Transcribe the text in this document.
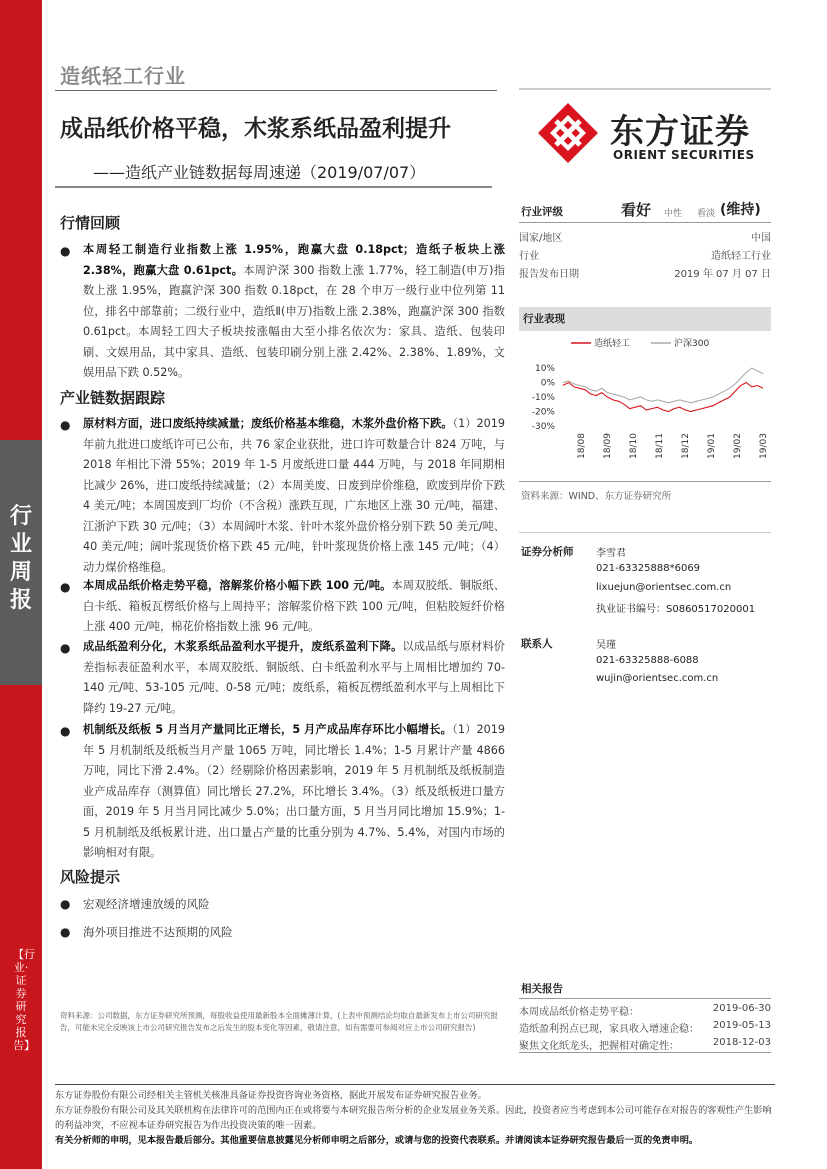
行业周报
【行业·证券研究报告】
造纸轻工行业
成品纸价格平稳，木浆系纸品盈利提升
——造纸产业链数据每周速递（2019/07/07）
东方证券
ORIENT SECURITIES
行业评级	看好 中性 看淡 (维持)
国家/地区	中国
行业	造纸轻工行业
报告发布日期	2019 年 07 月 07 日
行业表现
造纸轻工	沪深300
10%
0%
-10%
-20%
-30%
18/08 18/09 18/10 18/11 18/12 19/01 19/02 19/03
资料来源：WIND、东方证券研究所
证券分析师 李雪君
021-63325888*6069
lixuejun@orientsec.com.cn
执业证书编号：S0860517020001
联系人	吴瑾
021-63325888-6088
wujin@orientsec.com.cn
相关报告
本周成品纸价格走势平稳：	2019-06-30
造纸盈利拐点已现，家具收入增速企稳： 2019-05-13
聚焦文化纸龙头，把握相对确定性：	2018-12-03
行情回顾
● 本周轻工制造行业指数上涨 1.95%，跑赢大盘 0.18pct；造纸子板块上涨 2.38%，跑赢大盘 0.61pct。本周沪深 300 指数上涨 1.77%，轻工制造(申万)指数上涨 1.95%，跑赢沪深 300 指数 0.18pct，在 28 个申万一级行业中位列第 11 位，排名中部靠前；二级行业中，造纸Ⅱ(申万)指数上涨 2.38%，跑赢沪深 300 指数 0.61pct。本周轻工四大子板块按涨幅由大至小排名依次为：家具、造纸、包装印刷、文娱用品，其中家具、造纸、包装印刷分别上涨 2.42%、2.38%、1.89%，文娱用品下跌 0.52%。
产业链数据跟踪
● 原材料方面，进口废纸持续减量；废纸价格基本维稳，木浆外盘价格下跌。（1）2019 年前九批进口废纸许可已公布，共 76 家企业获批，进口许可数量合计 824 万吨，与 2018 年相比下滑 55%；2019 年 1-5 月废纸进口量 444 万吨，与 2018 年同期相比减少 26%，进口废纸持续减量；（2）本周美废、日废到岸价维稳，欧废到岸价下跌 4 美元/吨；本周国废到厂均价（不含税）涨跌互现，广东地区上涨 30 元/吨，福建、江浙沪下跌 30 元/吨；（3）本周阔叶木浆、针叶木浆外盘价格分别下跌 50 美元/吨、40 美元/吨；阔叶浆现货价格下跌 45 元/吨，针叶浆现货价格上涨 145 元/吨；（4）动力煤价格维稳。
● 本周成品纸价格走势平稳，溶解浆价格小幅下跌 100 元/吨。本周双胶纸、铜版纸、白卡纸、箱板瓦楞纸价格与上周持平；溶解浆价格下跌 100 元/吨，但粘胶短纤价格上涨 400 元/吨，棉花价格指数上涨 96 元/吨。
● 成品纸盈利分化，木浆系纸品盈利水平提升，废纸系盈利下降。以成品纸与原材料价差指标表征盈利水平，本周双胶纸、铜版纸、白卡纸盈利水平与上周相比增加约 70-140 元/吨、53-105 元/吨、0-58 元/吨；废纸系，箱板瓦楞纸盈利水平与上周相比下降约 19-27 元/吨。
● 机制纸及纸板 5 月当月产量同比正增长，5 月产成品库存环比小幅增长。（1）2019 年 5 月机制纸及纸板当月产量 1065 万吨，同比增长 1.4%；1-5 月累计产量 4866 万吨，同比下滑 2.4%。（2）经剔除价格因素影响，2019 年 5 月机制纸及纸板制造业产成品库存（测算值）同比增长 27.2%，环比增长 3.4%。（3）纸及纸板进口量方面，2019 年 5 月当月同比减少 5.0%；出口量方面，5 月当月同比增加 15.9%；1-5 月机制纸及纸板累计进、出口量占产量的比重分别为 4.7%、5.4%，对国内市场的影响相对有限。
风险提示
● 宏观经济增速放缓的风险
● 海外项目推进不达预期的风险
资料来源：公司数据，东方证券研究所预测，每股收益使用最新股本全面摊薄计算，(上表中预测结论均取自最新发布上市公司研究报告，可能未完全反映该上市公司研究报告发布之后发生的股本变化等因素，敬请注意，如有需要可参阅对应上市公司研究报告)
东方证券股份有限公司经相关主管机关核准具备证券投资咨询业务资格，据此开展发布证券研究报告业务。
东方证券股份有限公司及其关联机构在法律许可的范围内正在或将要与本研究报告所分析的企业发展业务关系。因此，投资者应当考虑到本公司可能存在对报告的客观性产生影响的利益冲突，不应视本证券研究报告为作出投资决策的唯一因素。
有关分析师的申明，见本报告最后部分。其他重要信息披露见分析师申明之后部分，或请与您的投资代表联系。并请阅读本证券研究报告最后一页的免责申明。
